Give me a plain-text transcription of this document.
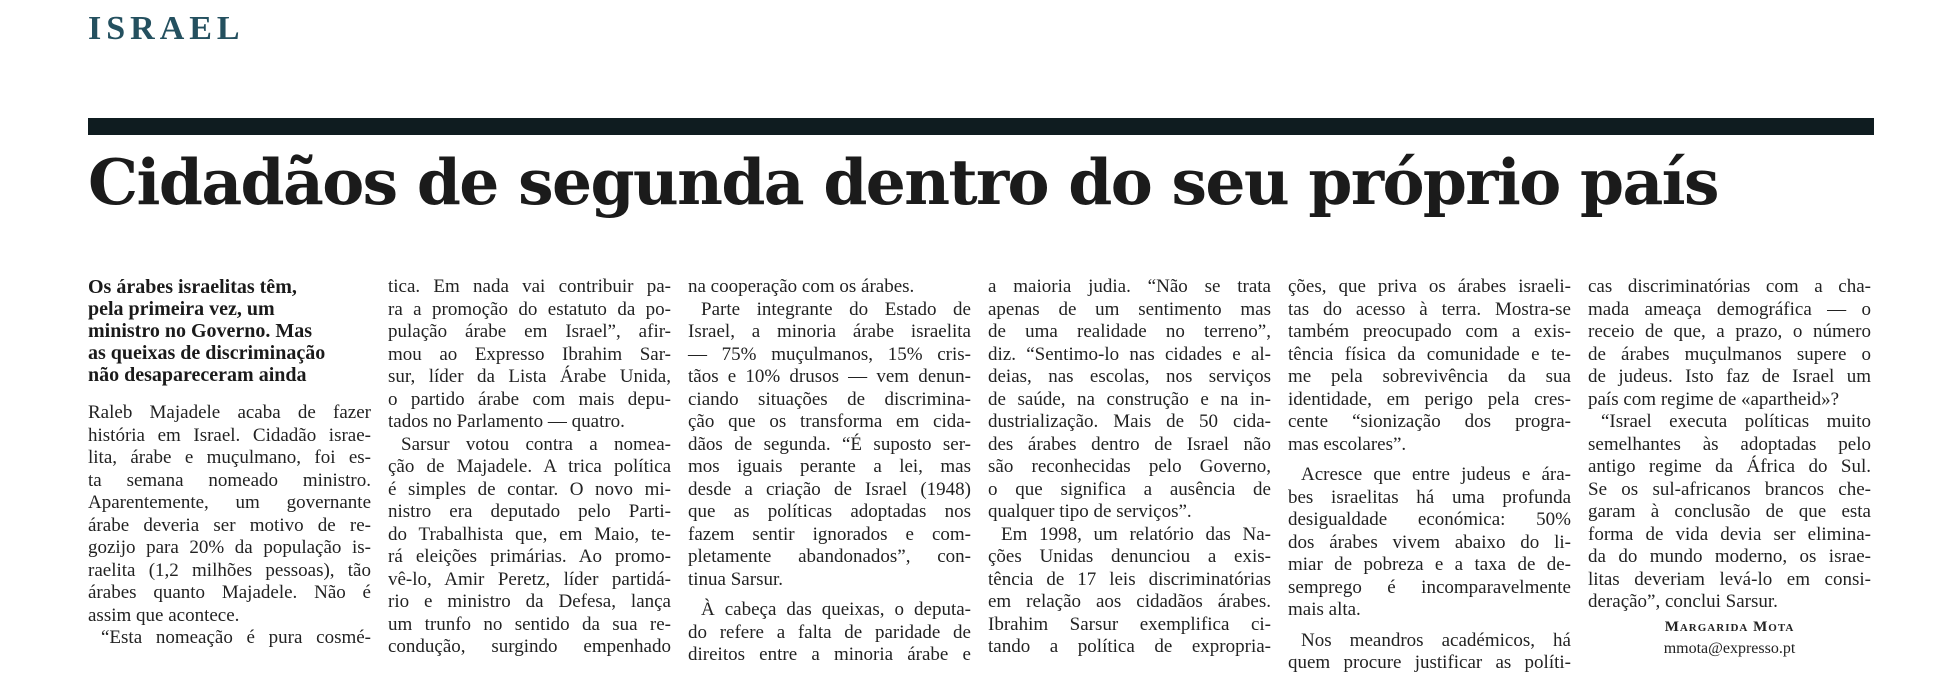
ISRAEL
Cidadãos de segunda dentro do seu próprio país
Os árabes israelitas têm,
pela primeira vez, um
ministro no Governo. Mas
as queixas de discriminação
não desapareceram ainda
Raleb Majadele acaba de fazer
história em Israel. Cidadão israe-
lita, árabe e muçulmano, foi es-
ta semana nomeado ministro.
Aparentemente, um governante
árabe deveria ser motivo de re-
gozijo para 20% da população is-
raelita (1,2 milhões pessoas), tão
árabes quanto Majadele. Não é
assim que acontece.
“Esta nomeação é pura cosmé-
tica. Em nada vai contribuir pa-
ra a promoção do estatuto da po-
pulação árabe em Israel”, afir-
mou ao Expresso Ibrahim Sar-
sur, líder da Lista Árabe Unida,
o partido árabe com mais depu-
tados no Parlamento — quatro.
Sarsur votou contra a nomea-
ção de Majadele. A trica política
é simples de contar. O novo mi-
nistro era deputado pelo Parti-
do Trabalhista que, em Maio, te-
rá eleições primárias. Ao promo-
vê-lo, Amir Peretz, líder partidá-
rio e ministro da Defesa, lança
um trunfo no sentido da sua re-
condução, surgindo empenhado
na cooperação com os árabes.
Parte integrante do Estado de
Israel, a minoria árabe israelita
— 75% muçulmanos, 15% cris-
tãos e 10% drusos — vem denun-
ciando situações de discrimina-
ção que os transforma em cida-
dãos de segunda. “É suposto ser-
mos iguais perante a lei, mas
desde a criação de Israel (1948)
que as políticas adoptadas nos
fazem sentir ignorados e com-
pletamente abandonados”, con-
tinua Sarsur.
À cabeça das queixas, o deputa-
do refere a falta de paridade de
direitos entre a minoria árabe e
a maioria judia. “Não se trata
apenas de um sentimento mas
de uma realidade no terreno”,
diz. “Sentimo-lo nas cidades e al-
deias, nas escolas, nos serviços
de saúde, na construção e na in-
dustrialização. Mais de 50 cida-
des árabes dentro de Israel não
são reconhecidas pelo Governo,
o que significa a ausência de
qualquer tipo de serviços”.
Em 1998, um relatório das Na-
ções Unidas denunciou a exis-
tência de 17 leis discriminatórias
em relação aos cidadãos árabes.
Ibrahim Sarsur exemplifica ci-
tando a política de expropria-
ções, que priva os árabes israeli-
tas do acesso à terra. Mostra-se
também preocupado com a exis-
tência física da comunidade e te-
me pela sobrevivência da sua
identidade, em perigo pela cres-
cente “sionização dos progra-
mas escolares”.
Acresce que entre judeus e ára-
bes israelitas há uma profunda
desigualdade económica: 50%
dos árabes vivem abaixo do li-
miar de pobreza e a taxa de de-
semprego é incomparavelmente
mais alta.
Nos meandros académicos, há
quem procure justificar as políti-
cas discriminatórias com a cha-
mada ameaça demográfica — o
receio de que, a prazo, o número
de árabes muçulmanos supere o
de judeus. Isto faz de Israel um
país com regime de «apartheid»?
“Israel executa políticas muito
semelhantes às adoptadas pelo
antigo regime da África do Sul.
Se os sul-africanos brancos che-
garam à conclusão de que esta
forma de vida devia ser elimina-
da do mundo moderno, os israe-
litas deveriam levá-lo em consi-
deração”, conclui Sarsur.
Margarida Mota
mmota@expresso.pt
